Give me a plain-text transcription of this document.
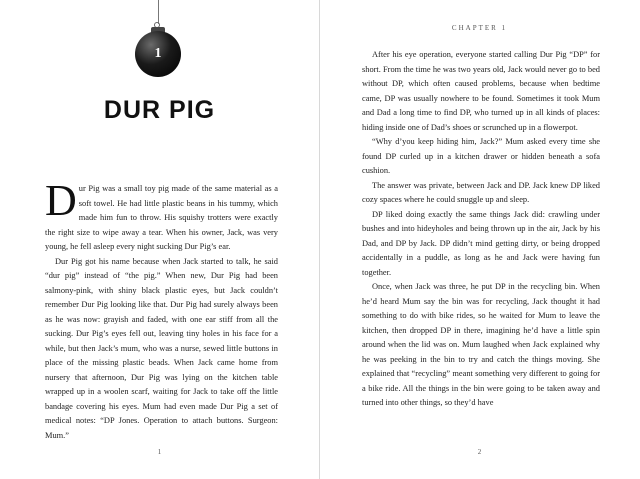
1
DUR PIG

Dur Pig was a small toy pig made of the same material as a soft towel. He had little plastic beans in his tummy, which made him fun to throw. His squishy trotters were exactly the right size to wipe away a tear. When his owner, Jack, was very young, he fell asleep every night sucking Dur Pig’s ear.

Dur Pig got his name because when Jack started to talk, he said “dur pig” instead of “the pig.” When new, Dur Pig had been salmony-pink, with shiny black plastic eyes, but Jack couldn’t remember Dur Pig looking like that. Dur Pig had surely always been as he was now: grayish and faded, with one ear stiff from all the sucking. Dur Pig’s eyes fell out, leaving tiny holes in his face for a while, but then Jack’s mum, who was a nurse, sewed little buttons in place of the missing plastic beads. When Jack came home from nursery that afternoon, Dur Pig was lying on the kitchen table wrapped up in a woolen scarf, waiting for Jack to take off the little bandage covering his eyes. Mum had even made Dur Pig a set of medical notes: “DP Jones. Operation to attach buttons. Surgeon: Mum.”

1
CHAPTER 1

After his eye operation, everyone started calling Dur Pig “DP” for short. From the time he was two years old, Jack would never go to bed without DP, which often caused problems, because when bedtime came, DP was usually nowhere to be found. Sometimes it took Mum and Dad a long time to find DP, who turned up in all kinds of places: hiding inside one of Dad’s shoes or scrunched up in a flowerpot.

“Why d’you keep hiding him, Jack?” Mum asked every time she found DP curled up in a kitchen drawer or hidden beneath a sofa cushion.

The answer was private, between Jack and DP. Jack knew DP liked cozy spaces where he could snuggle up and sleep.

DP liked doing exactly the same things Jack did: crawling under bushes and into hideyholes and being thrown up in the air, Jack by his Dad, and DP by Jack. DP didn’t mind getting dirty, or being dropped accidentally in a puddle, as long as he and Jack were having fun together.

Once, when Jack was three, he put DP in the recycling bin. When he’d heard Mum say the bin was for recycling, Jack thought it had something to do with bike rides, so he waited for Mum to leave the kitchen, then dropped DP in there, imagining he’d have a little spin around when the lid was on. Mum laughed when Jack explained why he was peeking in the bin to try and catch the things moving. She explained that “recycling” meant something very different to going for a bike ride. All the things in the bin were going to be taken away and turned into other things, so they’d have

2
